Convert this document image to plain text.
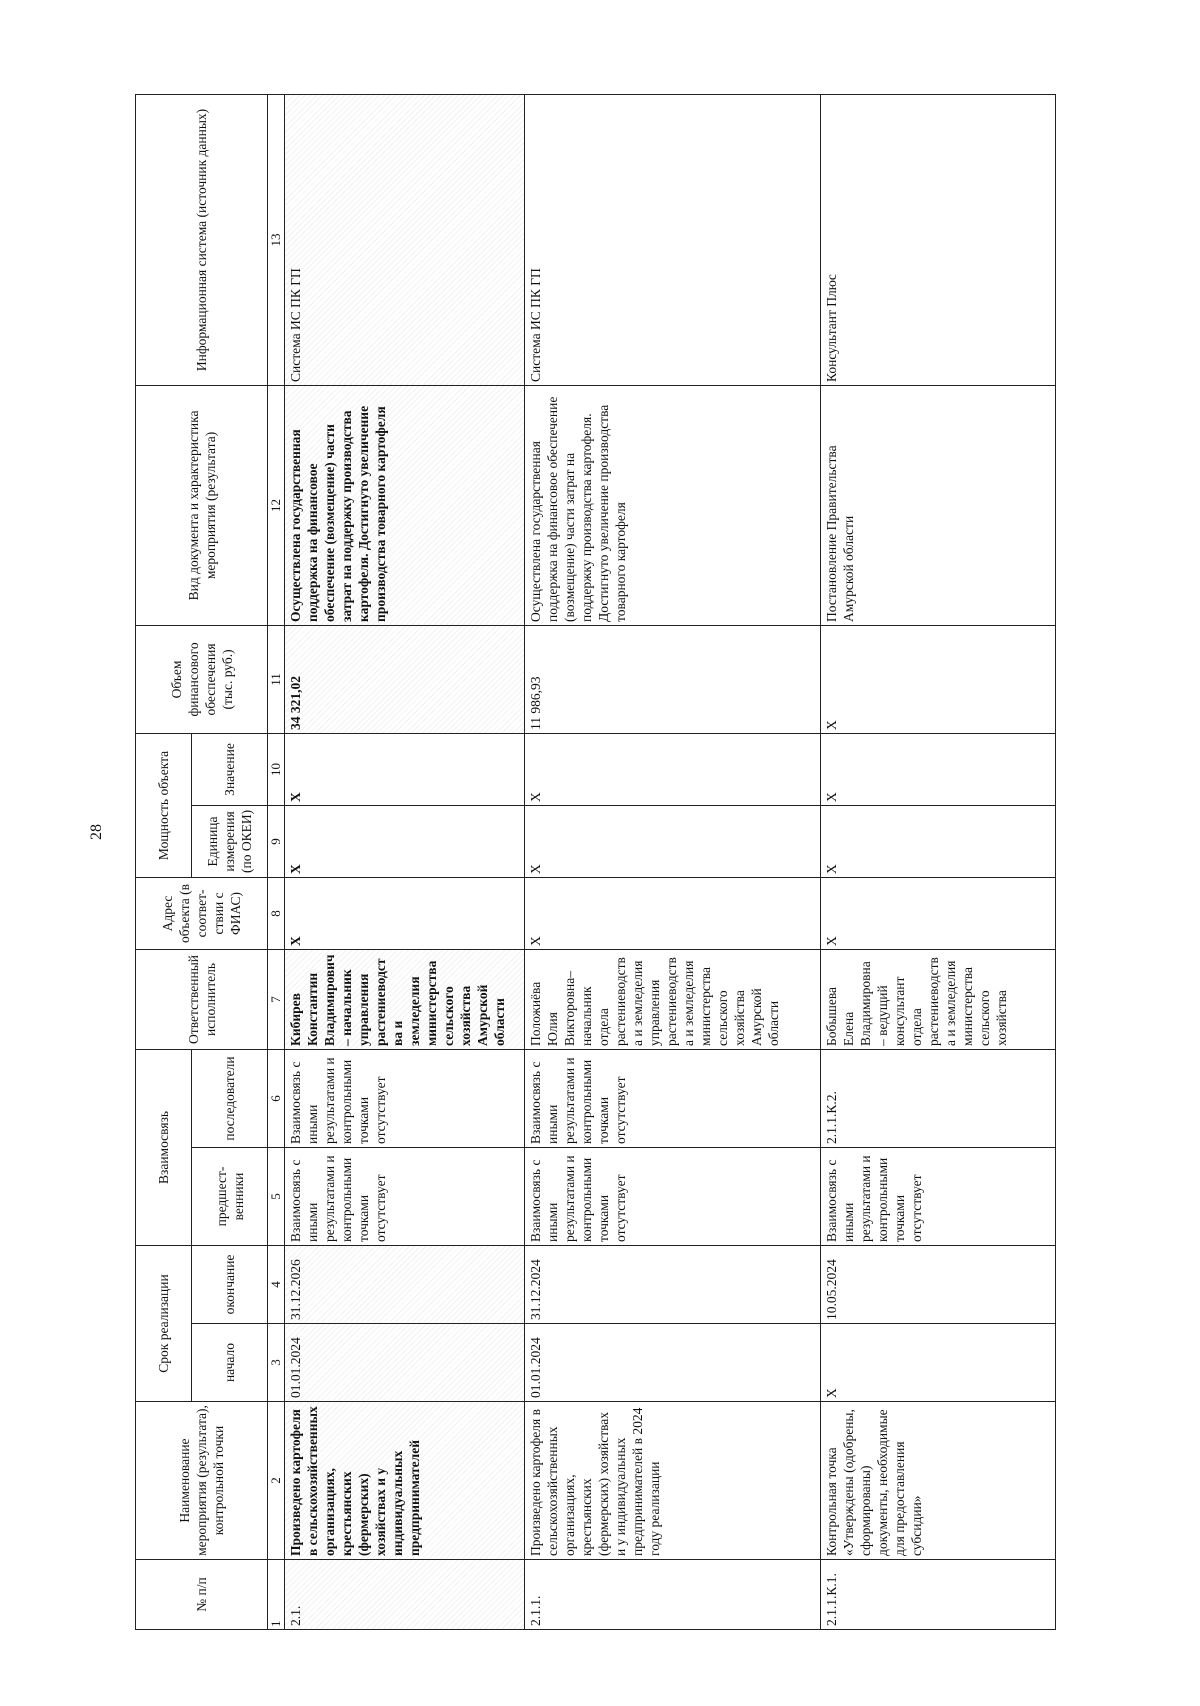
28
№ п/п	Наименование мероприятия (результата), контрольной точки	Срок реализации		Взаимосвязь		Ответственный исполнитель	Адрес объекта (в соответ-ствии с ФИАС)	Мощность объекта		Объем финансового обеспечения (тыс. руб.)	Вид документа и характеристика мероприятия (результата)	Информационная система (источник данных)
		начало	окончание	предшест-венники	последователи			Единица измерения (по ОКЕИ)	Значение			
1	2	3	4	5	6	7	8	9	10	11	12	13
2.1.	Произведено картофеля в сельскохозяйственных организациях, крестьянских (фермерских) хозяйствах и у индивидуальных предпринимателей	01.01.2024	31.12.2026	Взаимосвязь с иными результатами и контрольными точками отсутствует	Взаимосвязь с иными результатами и контрольными точками отсутствует	Кибирев Константин Владимирович – начальник управления растениеводства и земледелия министерства сельского хозяйства Амурской области	X	X	X	34 321,02	Осуществлена государственная поддержка на финансовое обеспечение (возмещение) части затрат на поддержку производства картофеля. Достигнуто увеличение производства товарного картофеля	Система ИС ПК ГП
2.1.1.	Произведено картофеля в сельскохозяйственных организациях, крестьянских (фермерских) хозяйствах и у индивидуальных предпринимателей в 2024 году реализации	01.01.2024	31.12.2024	Взаимосвязь с иными результатами и контрольными точками отсутствует	Взаимосвязь с иными результатами и контрольными точками отсутствует	Положиёва Юлия Викторовна– начальник отдела растениеводства и земледелия управления растениеводства и земледелия министерства сельского хозяйства Амурской области	X	X	X	11 986,93	Осуществлена государственная поддержка на финансовое обеспечение (возмещение) части затрат на поддержку производства картофеля. Достигнуто увеличение производства товарного картофеля	Система ИС ПК ГП
2.1.1.К.1.	Контрольная точка «Утверждены (одобрены, сформированы) документы, необходимые для предоставления субсидии»	X	10.05.2024	Взаимосвязь с иными результатами и контрольными точками отсутствует	2.1.1.К.2.	Бобышева Елена Владимировна – ведущий консультант отдела растениеводства и земледелия министерства сельского хозяйства	X	X	X	X	Постановление Правительства Амурской области	Консультант Плюс
